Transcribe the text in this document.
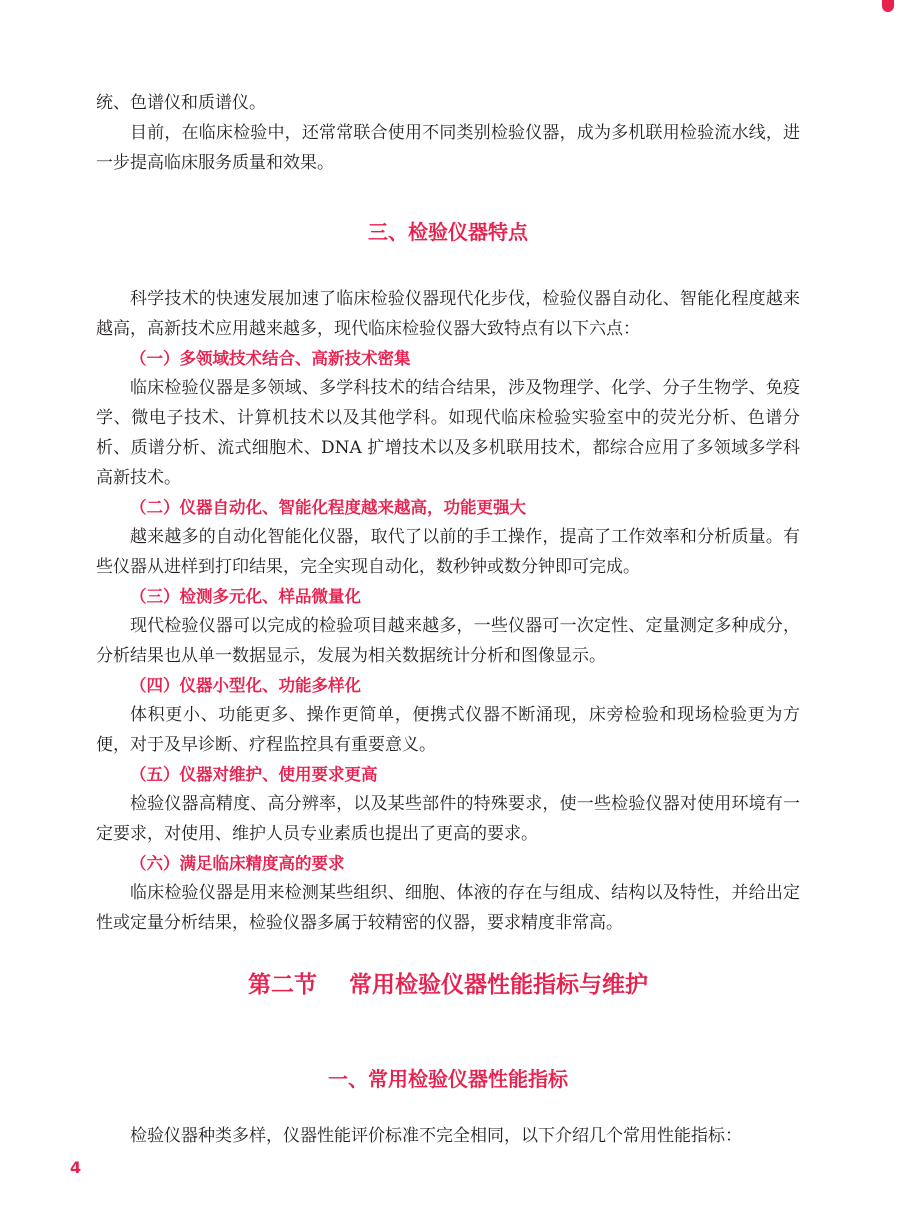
统、色谱仪和质谱仪。

目前，在临床检验中，还常常联合使用不同类别检验仪器，成为多机联用检验流水线，进一步提高临床服务质量和效果。

三、检验仪器特点

科学技术的快速发展加速了临床检验仪器现代化步伐，检验仪器自动化、智能化程度越来越高，高新技术应用越来越多，现代临床检验仪器大致特点有以下六点：

（一）多领域技术结合、高新技术密集

临床检验仪器是多领域、多学科技术的结合结果，涉及物理学、化学、分子生物学、免疫学、微电子技术、计算机技术以及其他学科。如现代临床检验实验室中的荧光分析、色谱分析、质谱分析、流式细胞术、DNA 扩增技术以及多机联用技术，都综合应用了多领域多学科高新技术。

（二）仪器自动化、智能化程度越来越高，功能更强大

越来越多的自动化智能化仪器，取代了以前的手工操作，提高了工作效率和分析质量。有些仪器从进样到打印结果，完全实现自动化，数秒钟或数分钟即可完成。

（三）检测多元化、样品微量化

现代检验仪器可以完成的检验项目越来越多，一些仪器可一次定性、定量测定多种成分，分析结果也从单一数据显示，发展为相关数据统计分析和图像显示。

（四）仪器小型化、功能多样化

体积更小、功能更多、操作更简单，便携式仪器不断涌现，床旁检验和现场检验更为方便，对于及早诊断、疗程监控具有重要意义。

（五）仪器对维护、使用要求更高

检验仪器高精度、高分辨率，以及某些部件的特殊要求，使一些检验仪器对使用环境有一定要求，对使用、维护人员专业素质也提出了更高的要求。

（六）满足临床精度高的要求

临床检验仪器是用来检测某些组织、细胞、体液的存在与组成、结构以及特性，并给出定性或定量分析结果，检验仪器多属于较精密的仪器，要求精度非常高。

第二节    常用检验仪器性能指标与维护
一、常用检验仪器性能指标

检验仪器种类多样，仪器性能评价标准不完全相同，以下介绍几个常用性能指标：

4
